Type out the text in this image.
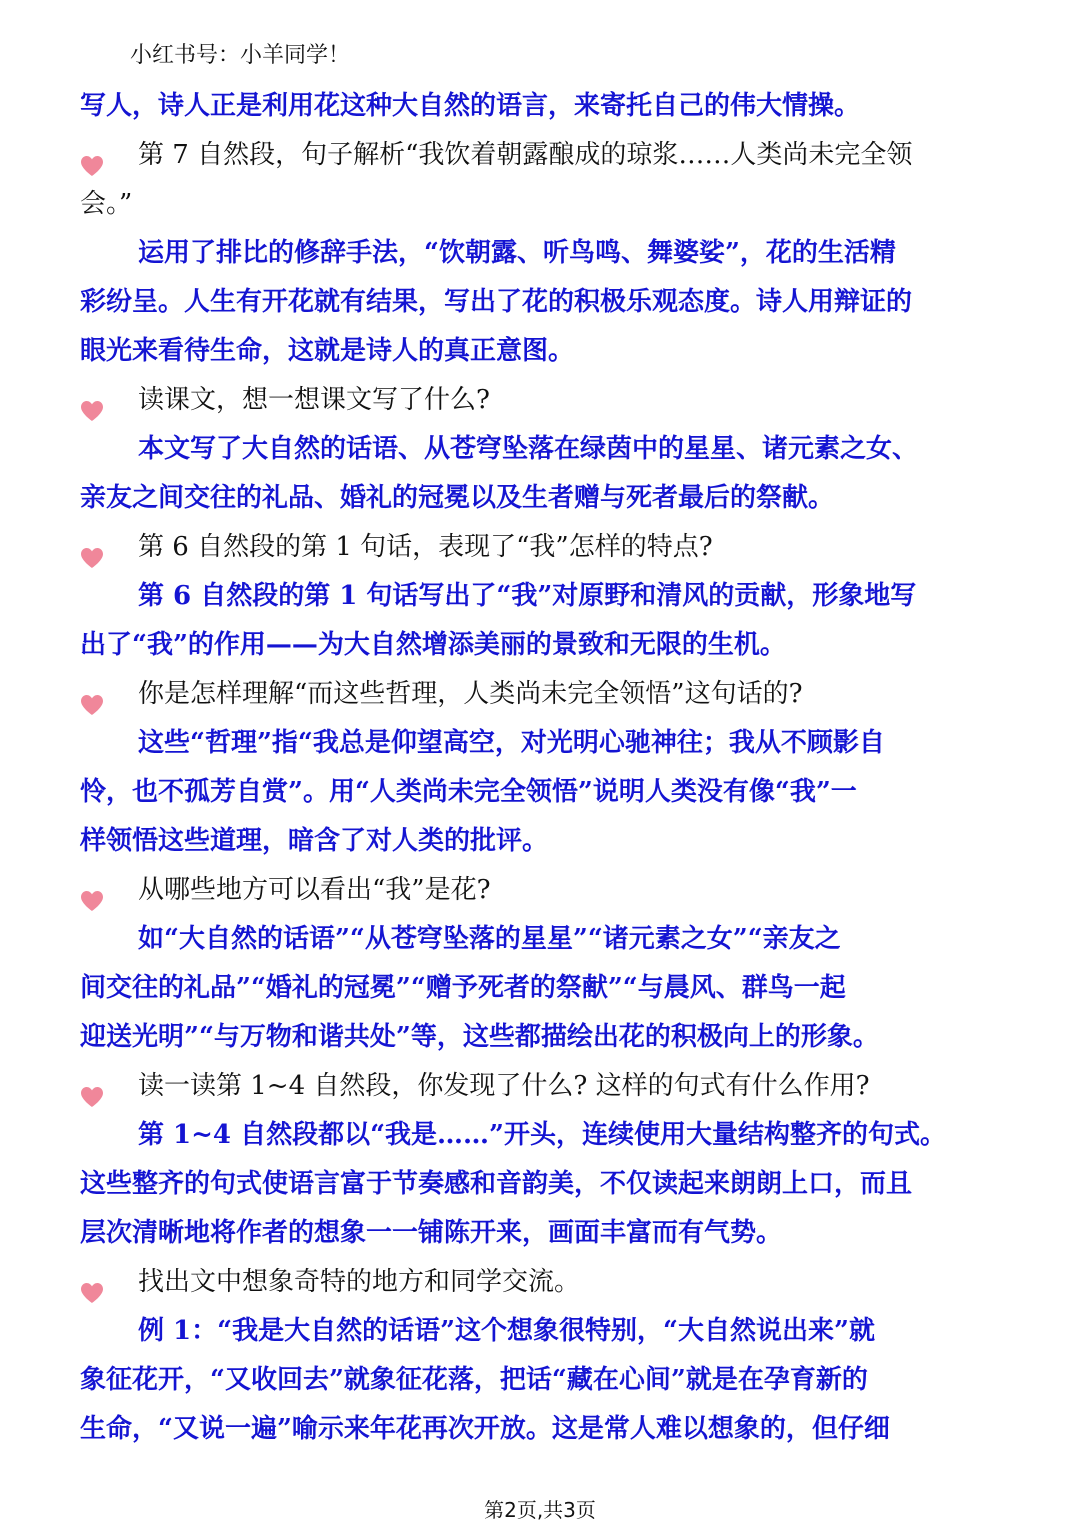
小红书号：小羊同学！
写人，诗人正是利用花这种大自然的语言，来寄托自己的伟大情操。
第 7 自然段，句子解析“我饮着朝露酿成的琼浆……人类尚未完全领
会。”
运用了排比的修辞手法，“饮朝露、听鸟鸣、舞婆娑”，花的生活精
彩纷呈。人生有开花就有结果，写出了花的积极乐观态度。诗人用辩证的
眼光来看待生命，这就是诗人的真正意图。
读课文，想一想课文写了什么?
本文写了大自然的话语、从苍穹坠落在绿茵中的星星、诸元素之女、
亲友之间交往的礼品、婚礼的冠冕以及生者赠与死者最后的祭献。
第 6 自然段的第 1 句话，表现了“我”怎样的特点?
第 6 自然段的第 1 句话写出了“我”对原野和清风的贡献，形象地写
出了“我”的作用——为大自然增添美丽的景致和无限的生机。
你是怎样理解“而这些哲理，人类尚未完全领悟”这句话的?
这些“哲理”指“我总是仰望高空，对光明心驰神往；我从不顾影自
怜，也不孤芳自赏”。用“人类尚未完全领悟”说明人类没有像“我”一
样领悟这些道理，暗含了对人类的批评。
从哪些地方可以看出“我”是花?
如“大自然的话语”“从苍穹坠落的星星”“诸元素之女”“亲友之
间交往的礼品”“婚礼的冠冕”“赠予死者的祭献”“与晨风、群鸟一起
迎送光明”“与万物和谐共处”等，这些都描绘出花的积极向上的形象。
读一读第 1~4 自然段，你发现了什么? 这样的句式有什么作用?
第 1~4 自然段都以“我是……”开头，连续使用大量结构整齐的句式。
这些整齐的句式使语言富于节奏感和音韵美，不仅读起来朗朗上口，而且
层次清晰地将作者的想象一一铺陈开来，画面丰富而有气势。
找出文中想象奇特的地方和同学交流。
例 1：“我是大自然的话语”这个想象很特别，“大自然说出来”就
象征花开，“又收回去”就象征花落，把话“藏在心间”就是在孕育新的
生命，“又说一遍”喻示来年花再次开放。这是常人难以想象的，但仔细
第2页,共3页
